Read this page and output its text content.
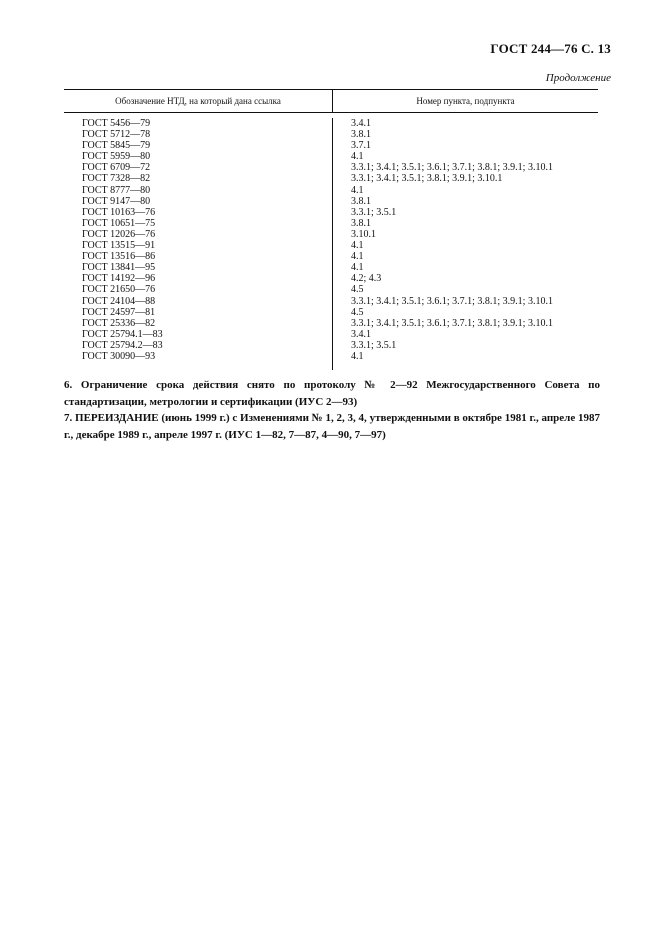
ГОСТ 244—76 С. 13
Продолжение
Обозначение НТД, на который дана ссылка	Номер пункта, подпункта
ГОСТ 5456—79
ГОСТ 5712—78
ГОСТ 5845—79
ГОСТ 5959—80
ГОСТ 6709—72
ГОСТ 7328—82
ГОСТ 8777—80
ГОСТ 9147—80
ГОСТ 10163—76
ГОСТ 10651—75
ГОСТ 12026—76
ГОСТ 13515—91
ГОСТ 13516—86
ГОСТ 13841—95
ГОСТ 14192—96
ГОСТ 21650—76
ГОСТ 24104—88
ГОСТ 24597—81
ГОСТ 25336—82
ГОСТ 25794.1—83
ГОСТ 25794.2—83
ГОСТ 30090—93
3.4.1
3.8.1
3.7.1
4.1
3.3.1; 3.4.1; 3.5.1; 3.6.1; 3.7.1; 3.8.1; 3.9.1; 3.10.1
3.3.1; 3.4.1; 3.5.1; 3.8.1; 3.9.1; 3.10.1
4.1
3.8.1
3.3.1; 3.5.1
3.8.1
3.10.1
4.1
4.1
4.1
4.2; 4.3
4.5
3.3.1; 3.4.1; 3.5.1; 3.6.1; 3.7.1; 3.8.1; 3.9.1; 3.10.1
4.5
3.3.1; 3.4.1; 3.5.1; 3.6.1; 3.7.1; 3.8.1; 3.9.1; 3.10.1
3.4.1
3.3.1; 3.5.1
4.1
6. Ограничение срока действия снято по протоколу № 2—92 Межгосударственного Совета по стандартизации, метрологии и сертификации (ИУС 2—93)
7. ПЕРЕИЗДАНИЕ (июнь 1999 г.) с Изменениями № 1, 2, 3, 4, утвержденными в октябре 1981 г., апреле 1987 г., декабре 1989 г., апреле 1997 г. (ИУС 1—82, 7—87, 4—90, 7—97)
